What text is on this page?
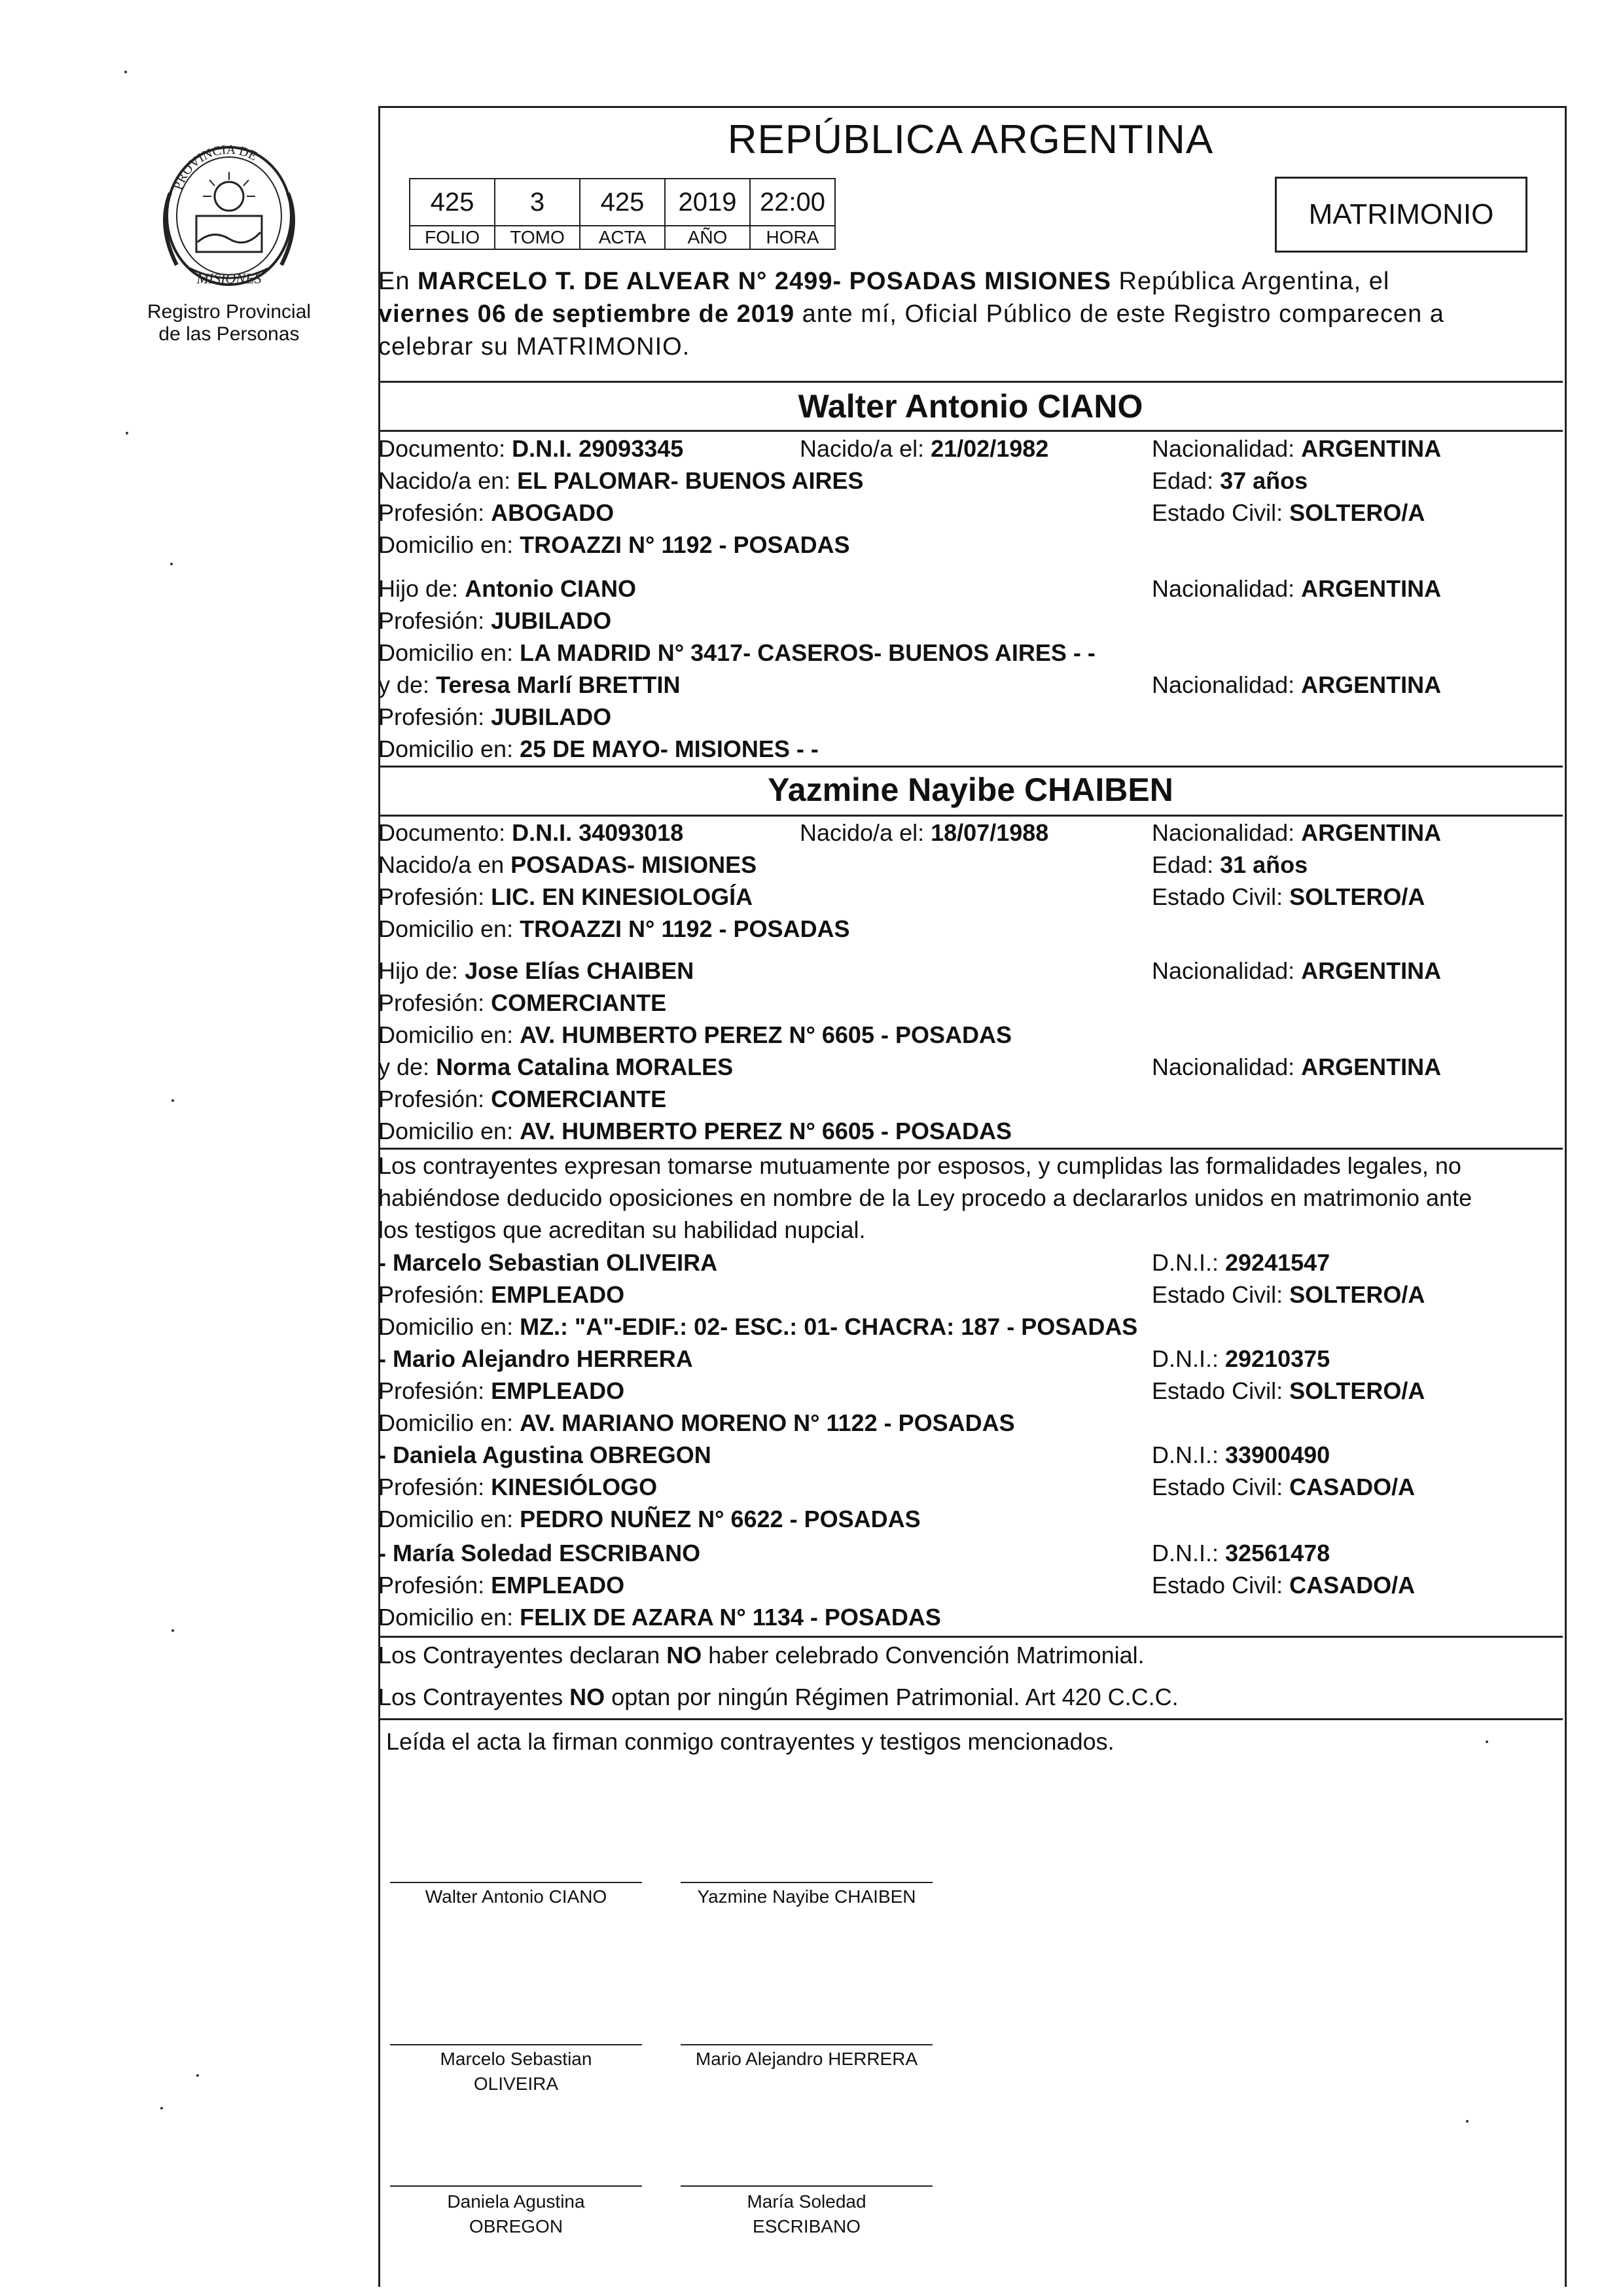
PROVINCIA DE
MISIONES
Registro Provincial
de las Personas
REPÚBLICA ARGENTINA
425	3	425	2019	22:00
FOLIO	TOMO	ACTA	AÑO	HORA
MATRIMONIO
En MARCELO T. DE ALVEAR N° 2499- POSADAS MISIONES República Argentina, el
viernes 06 de septiembre de 2019 ante mí, Oficial Público de este Registro comparecen a
celebrar su MATRIMONIO.
Walter Antonio CIANO
Documento: D.N.I. 29093345	Nacido/a el: 21/02/1982	Nacionalidad: ARGENTINA
Nacido/a en: EL PALOMAR- BUENOS AIRES	Edad: 37 años
Profesión: ABOGADO	Estado Civil: SOLTERO/A
Domicilio en: TROAZZI N° 1192 - POSADAS
Hijo de: Antonio CIANO	Nacionalidad: ARGENTINA
Profesión: JUBILADO
Domicilio en: LA MADRID N° 3417- CASEROS- BUENOS AIRES - -
y de: Teresa Marlí BRETTIN	Nacionalidad: ARGENTINA
Profesión: JUBILADO
Domicilio en: 25 DE MAYO- MISIONES - -
Yazmine Nayibe CHAIBEN
Documento: D.N.I. 34093018	Nacido/a el: 18/07/1988	Nacionalidad: ARGENTINA
Nacido/a en POSADAS- MISIONES	Edad: 31 años
Profesión: LIC. EN KINESIOLOGÍA	Estado Civil: SOLTERO/A
Domicilio en: TROAZZI N° 1192 - POSADAS
Hijo de: Jose Elías CHAIBEN	Nacionalidad: ARGENTINA
Profesión: COMERCIANTE
Domicilio en: AV. HUMBERTO PEREZ N° 6605 - POSADAS
y de: Norma Catalina MORALES	Nacionalidad: ARGENTINA
Profesión: COMERCIANTE
Domicilio en: AV. HUMBERTO PEREZ N° 6605 - POSADAS
Los contrayentes expresan tomarse mutuamente por esposos, y cumplidas las formalidades legales, no
habiéndose deducido oposiciones en nombre de la Ley procedo a declararlos unidos en matrimonio ante
los testigos que acreditan su habilidad nupcial.
- Marcelo Sebastian OLIVEIRA	D.N.I.: 29241547
Profesión: EMPLEADO	Estado Civil: SOLTERO/A
Domicilio en: MZ.: "A"-EDIF.: 02- ESC.: 01- CHACRA: 187 - POSADAS
- Mario Alejandro HERRERA	D.N.I.: 29210375
Profesión: EMPLEADO	Estado Civil: SOLTERO/A
Domicilio en: AV. MARIANO MORENO N° 1122 - POSADAS
- Daniela Agustina OBREGON	D.N.I.: 33900490
Profesión: KINESIÓLOGO	Estado Civil: CASADO/A
Domicilio en: PEDRO NUÑEZ N° 6622 - POSADAS
- María Soledad ESCRIBANO	D.N.I.: 32561478
Profesión: EMPLEADO	Estado Civil: CASADO/A
Domicilio en: FELIX DE AZARA N° 1134 - POSADAS
Los Contrayentes declaran NO haber celebrado Convención Matrimonial.
Los Contrayentes NO optan por ningún Régimen Patrimonial. Art 420 C.C.C.
Leída el acta la firman conmigo contrayentes y testigos mencionados.
Walter Antonio CIANO	Yazmine Nayibe CHAIBEN
Marcelo Sebastian
OLIVEIRA
Mario Alejandro HERRERA
Daniela Agustina
OBREGON
María Soledad
ESCRIBANO
